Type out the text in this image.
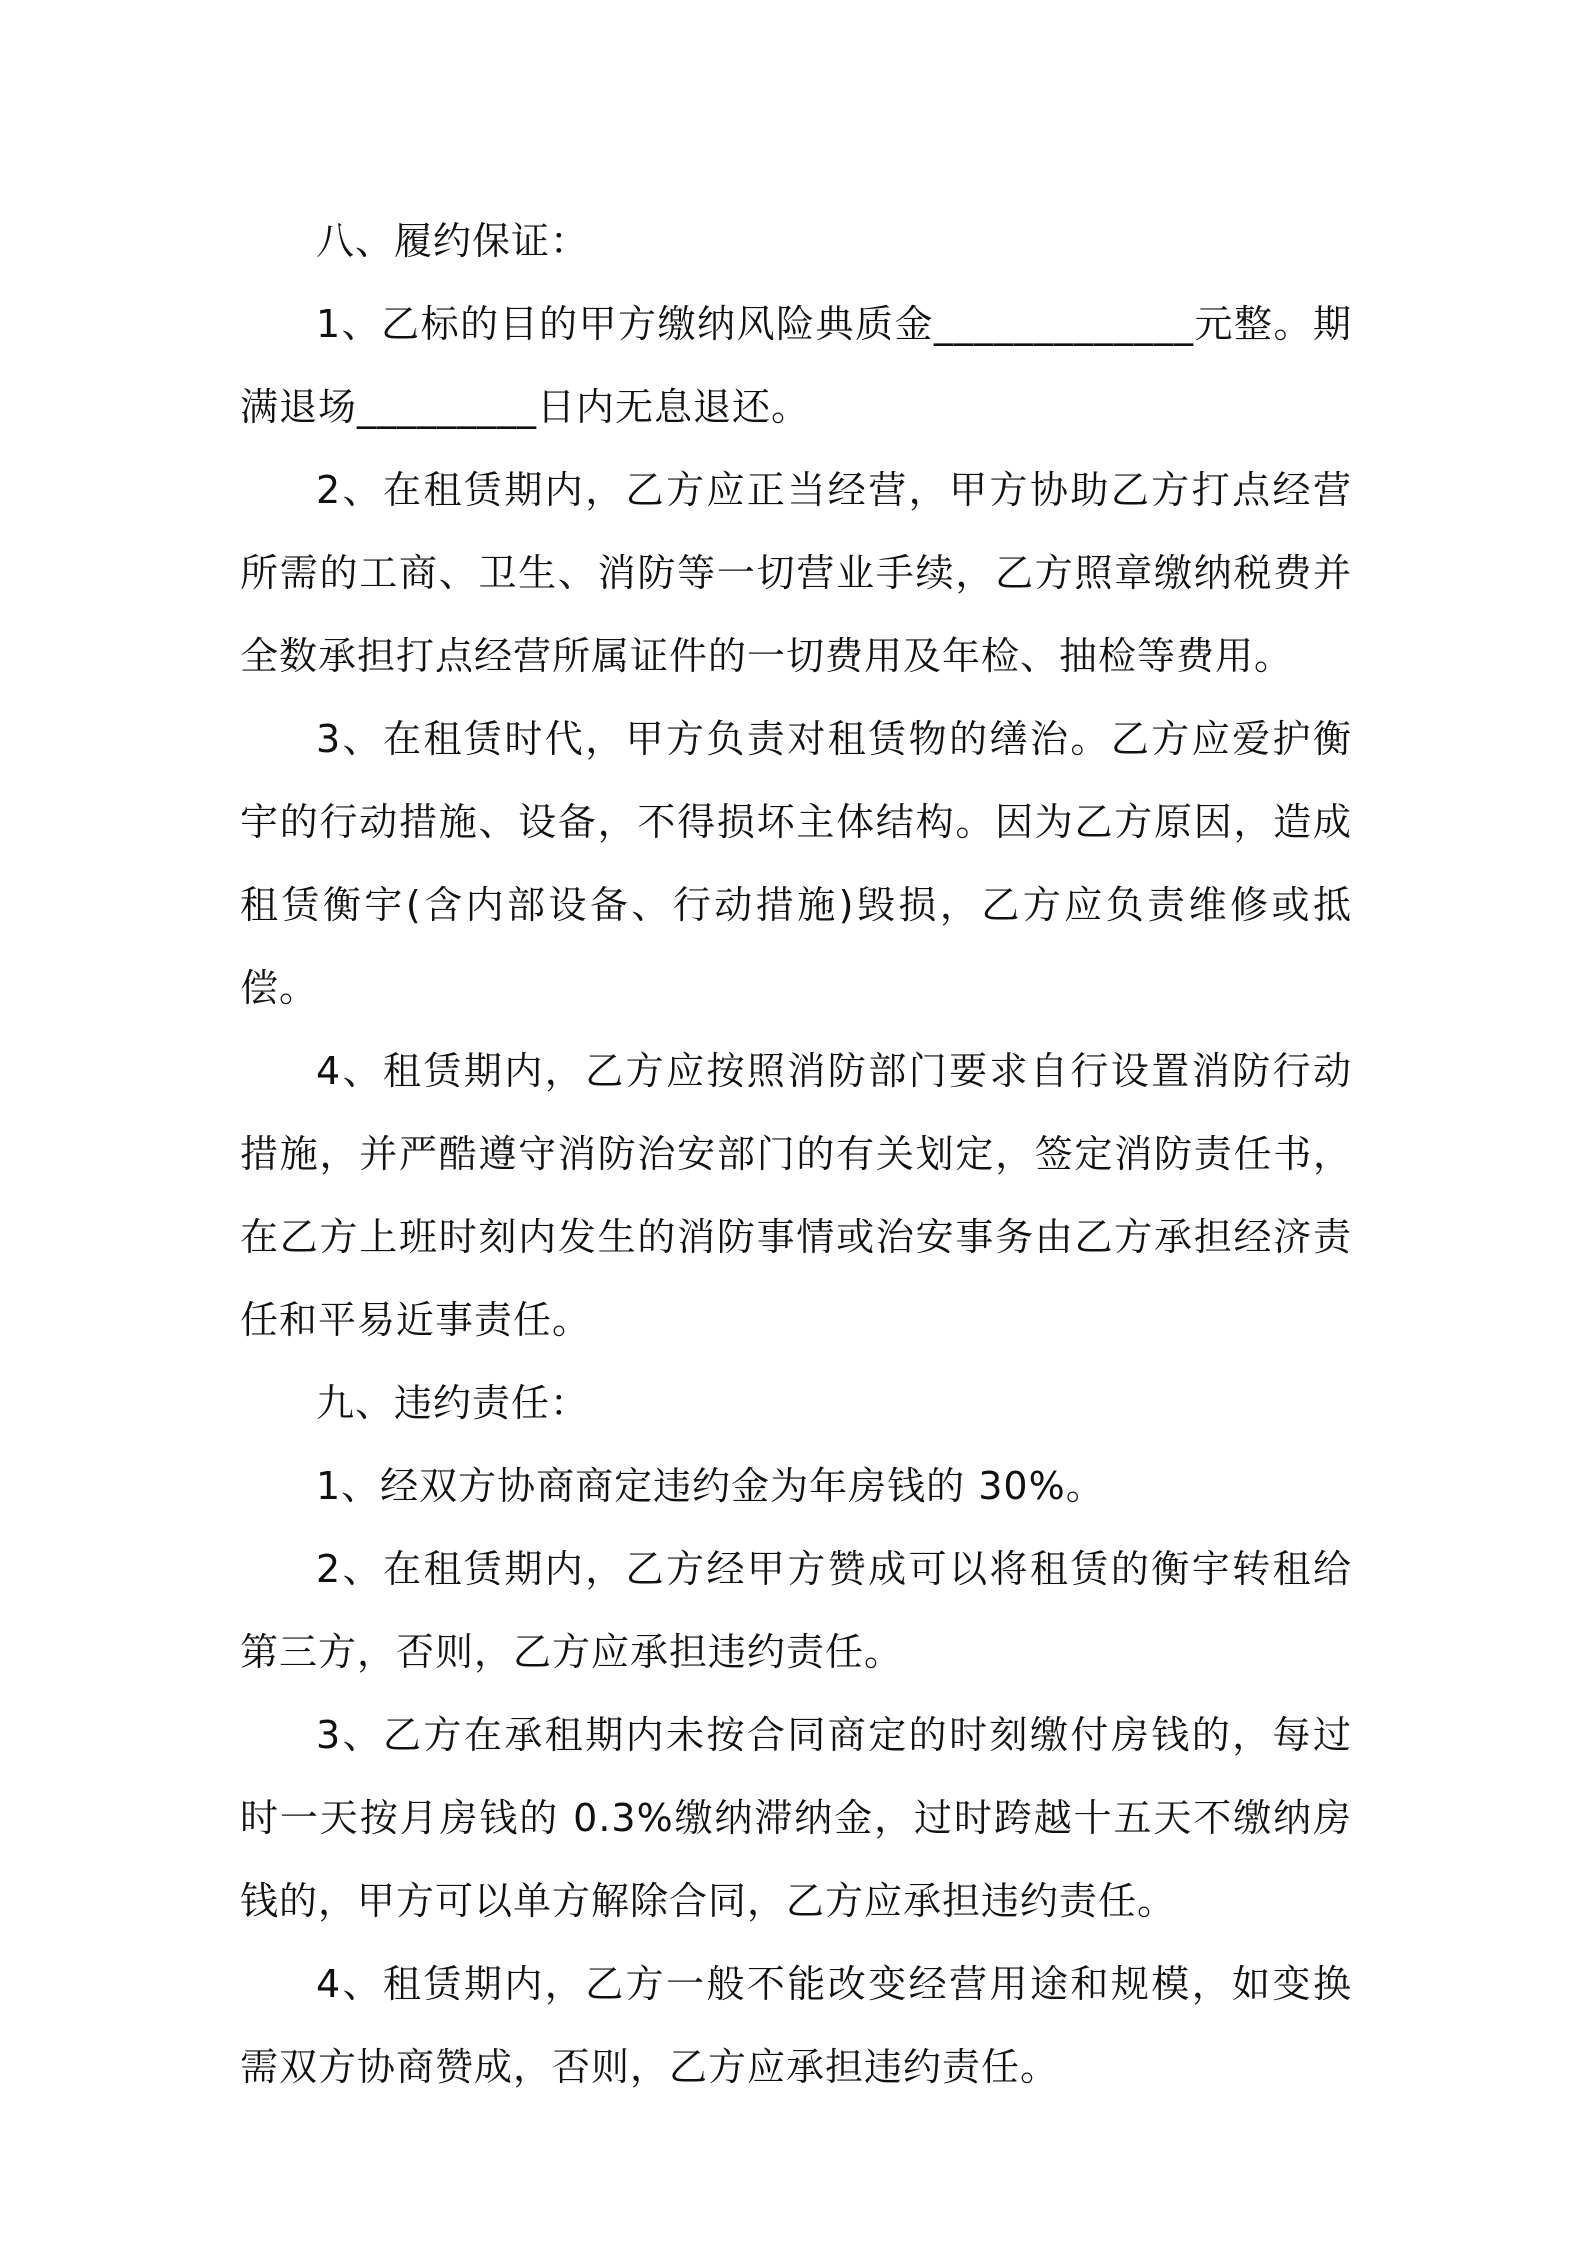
八、履约保证：

1、乙标的目的甲方缴纳风险典质金_____________元整。期满退场_________日内无息退还。

2、在租赁期内，乙方应正当经营，甲方协助乙方打点经营所需的工商、卫生、消防等一切营业手续，乙方照章缴纳税费并全数承担打点经营所属证件的一切费用及年检、抽检等费用。

3、在租赁时代，甲方负责对租赁物的缮治。乙方应爱护衡宇的行动措施、设备，不得损坏主体结构。因为乙方原因，造成租赁衡宇(含内部设备、行动措施)毁损，乙方应负责维修或抵偿。

4、租赁期内，乙方应按照消防部门要求自行设置消防行动措施，并严酷遵守消防治安部门的有关划定，签定消防责任书，在乙方上班时刻内发生的消防事情或治安事务由乙方承担经济责任和平易近事责任。

九、违约责任：

1、经双方协商商定违约金为年房钱的 30%。

2、在租赁期内，乙方经甲方赞成可以将租赁的衡宇转租给第三方，否则，乙方应承担违约责任。

3、乙方在承租期内未按合同商定的时刻缴付房钱的，每过时一天按月房钱的 0.3%缴纳滞纳金，过时跨越十五天不缴纳房钱的，甲方可以单方解除合同，乙方应承担违约责任。

4、租赁期内，乙方一般不能改变经营用途和规模，如变换需双方协商赞成，否则，乙方应承担违约责任。
